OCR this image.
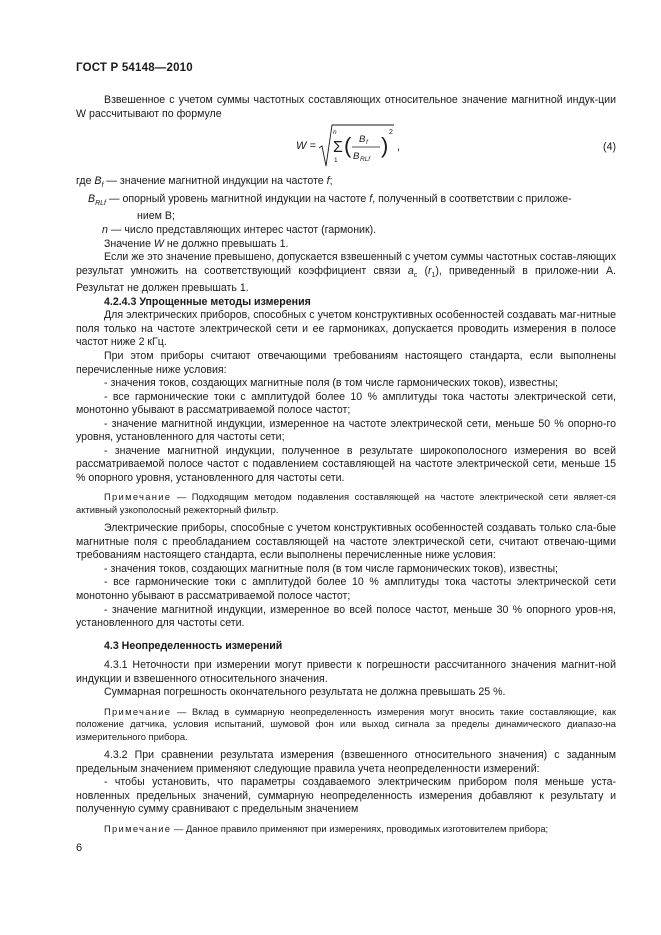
ГОСТ Р 54148—2010

Взвешенное с учетом суммы частотных составляющих относительное значение магнитной индук-ции W рассчитывают по формуле

W =
n
Σ
1
( )
B f
B RLf
2
,	(4)

где $B_f$ — значение магнитной индукции на частоте f;

$B_{RLf}$ — опорный уровень магнитной индукции на частоте f, полученный в соответствии с приложе-

нием В;

n — число представляющих интерес частот (гармоник).

Значение W не должно превышать 1.

Если же это значение превышено, допускается взвешенный с учетом суммы частотных состав-ляющих результат умножить на соответствующий коэффициент связи $a_c$ $(r_1)$, приведенный в приложе-нии А. Результат не должен превышать 1.

4.2.4.3 Упрощенные методы измерения

Для электрических приборов, способных с учетом конструктивных особенностей создавать маг-нитные поля только на частоте электрической сети и ее гармониках, допускается проводить измерения в полосе частот ниже 2 кГц.

При этом приборы считают отвечающими требованиям настоящего стандарта, если выполнены перечисленные ниже условия:

- значения токов, создающих магнитные поля (в том числе гармонических токов), известны;

- все гармонические токи с амплитудой более 10 % амплитуды тока частоты электрической сети, монотонно убывают в рассматриваемой полосе частот;

- значение магнитной индукции, измеренное на частоте электрической сети, меньше 50 % опорно-го уровня, установленного для частоты сети;

- значение магнитной индукции, полученное в результате широкополосного измерения во всей рассматриваемой полосе частот с подавлением составляющей на частоте электрической сети, меньше 15 % опорного уровня, установленного для частоты сети.

Примечание — Подходящим методом подавления составляющей на частоте электрической сети являет-ся активный узкополосный режекторный фильтр.

Электрические приборы, способные с учетом конструктивных особенностей создавать только сла-бые магнитные поля с преобладанием составляющей на частоте электрической сети, считают отвечаю-щими требованиям настоящего стандарта, если выполнены перечисленные ниже условия:

- значения токов, создающих магнитные поля (в том числе гармонических токов), известны;

- все гармонические токи с амплитудой более 10 % амплитуды тока частоты электрической сети монотонно убывают в рассматриваемой полосе частот;

- значение магнитной индукции, измеренное во всей полосе частот, меньше 30 % опорного уров-ня, установленного для частоты сети.

4.3 Неопределенность измерений

4.3.1 Неточности при измерении могут привести к погрешности рассчитанного значения магнит-ной индукции и взвешенного относительного значения.

Суммарная погрешность окончательного результата не должна превышать 25 %.

Примечание — Вклад в суммарную неопределенность измерения могут вносить такие составляющие, как положение датчика, условия испытаний, шумовой фон или выход сигнала за пределы динамического диапазо-на измерительного прибора.

4.3.2 При сравнении результата измерения (взвешенного относительного значения) с заданным предельным значением применяют следующие правила учета неопределенности измерений:

- чтобы установить, что параметры создаваемого электрическим прибором поля меньше уста-новленных предельных значений, суммарную неопределенность измерения добавляют к результату и полученную сумму сравнивают с предельным значением

Примечание — Данное правило применяют при измерениях, проводимых изготовителем прибора;

6
